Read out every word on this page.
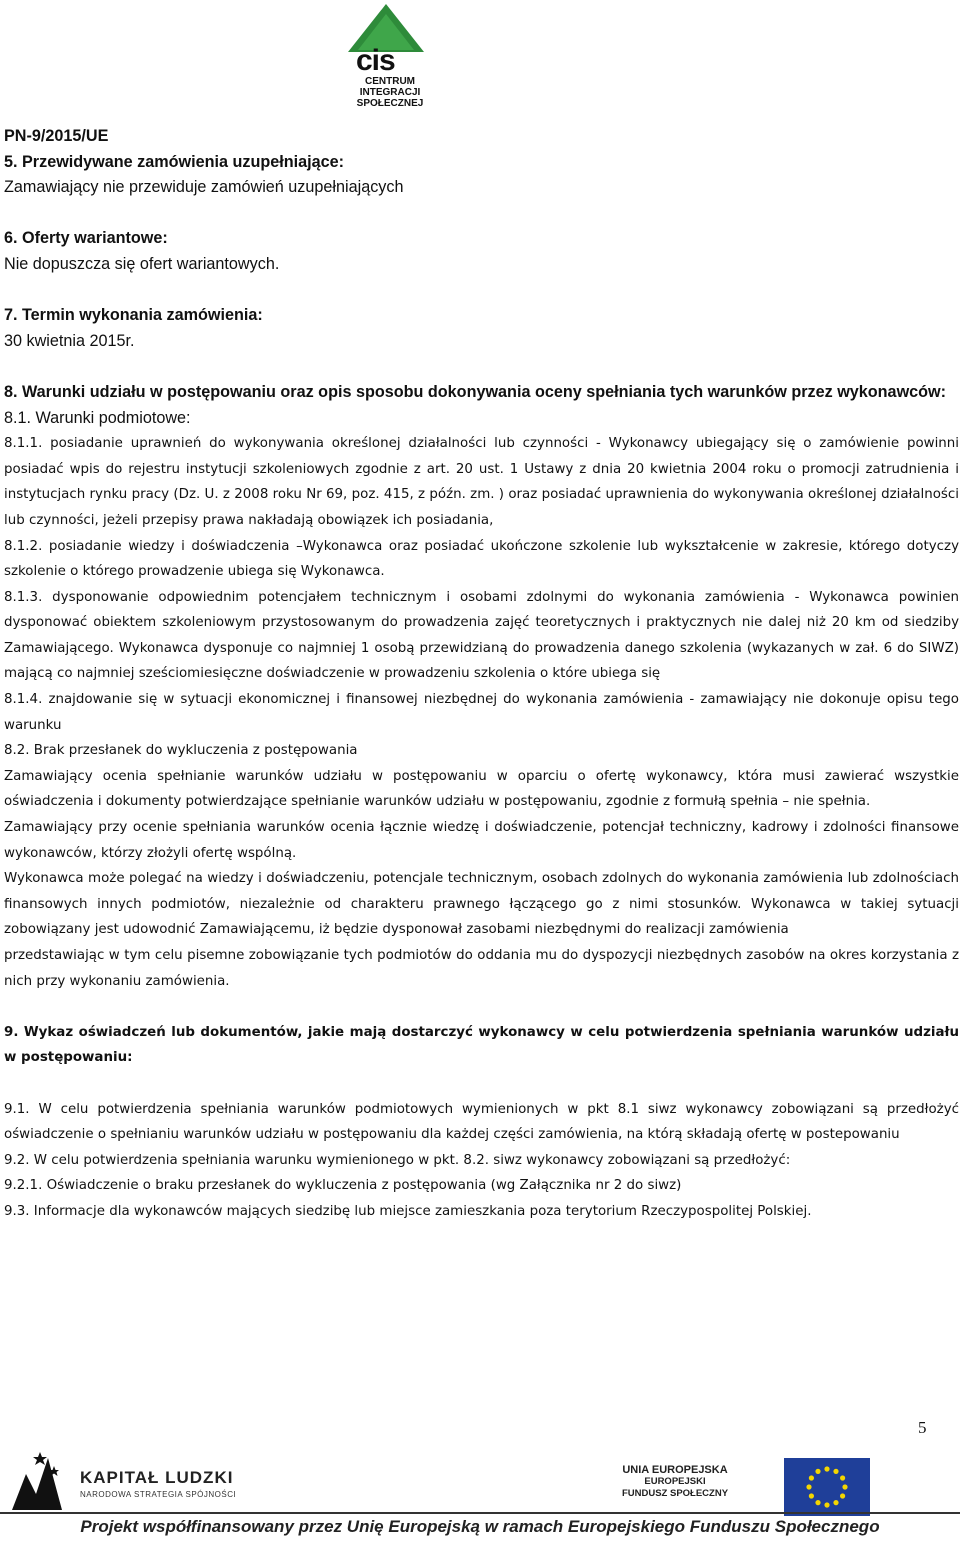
cis
CENTRUM
INTEGRACJI
SPOŁECZNEJ

PN-9/2015/UE

5. Przewidywane zamówienia uzupełniające:

Zamawiający nie przewiduje zamówień uzupełniających

6. Oferty wariantowe:

Nie dopuszcza się ofert wariantowych.

7. Termin wykonania zamówienia:

30 kwietnia 2015r.

8. Warunki udziału w postępowaniu oraz opis sposobu dokonywania oceny spełniania tych warunków przez wykonawców:

8.1. Warunki podmiotowe:

8.1.1. posiadanie uprawnień do wykonywania określonej działalności lub czynności - Wykonawcy ubiegający się o zamówienie powinni posiadać wpis do rejestru instytucji szkoleniowych zgodnie z art. 20 ust. 1 Ustawy z dnia 20 kwietnia 2004 roku o promocji zatrudnienia i instytucjach rynku pracy (Dz. U. z 2008 roku Nr 69, poz. 415, z późn. zm. ) oraz posiadać uprawnienia do wykonywania określonej działalności lub czynności, jeżeli przepisy prawa nakładają obowiązek ich posiadania,

8.1.2. posiadanie wiedzy i doświadczenia –Wykonawca oraz posiadać ukończone szkolenie lub wykształcenie w zakresie, którego dotyczy szkolenie o którego prowadzenie ubiega się Wykonawca.

8.1.3. dysponowanie odpowiednim potencjałem technicznym i osobami zdolnymi do wykonania zamówienia - Wykonawca powinien dysponować obiektem szkoleniowym przystosowanym do prowadzenia zajęć teoretycznych i praktycznych nie dalej niż 20 km od siedziby Zamawiającego. Wykonawca dysponuje co najmniej 1 osobą przewidzianą do prowadzenia danego szkolenia (wykazanych w zał. 6 do SIWZ) mającą co najmniej sześciomiesięczne doświadczenie w prowadzeniu szkolenia o które ubiega się

8.1.4. znajdowanie się w sytuacji ekonomicznej i finansowej niezbędnej do wykonania zamówienia - zamawiający nie dokonuje opisu tego warunku

8.2. Brak przesłanek do wykluczenia z postępowania

Zamawiający ocenia spełnianie warunków udziału w postępowaniu w oparciu o ofertę wykonawcy, która musi zawierać wszystkie oświadczenia i dokumenty potwierdzające spełnianie warunków udziału w postępowaniu, zgodnie z formułą spełnia – nie spełnia.

Zamawiający przy ocenie spełniania warunków ocenia łącznie wiedzę i doświadczenie, potencjał techniczny, kadrowy i zdolności finansowe wykonawców, którzy złożyli ofertę wspólną.

Wykonawca może polegać na wiedzy i doświadczeniu, potencjale technicznym, osobach zdolnych do wykonania zamówienia lub zdolnościach finansowych innych podmiotów, niezależnie od charakteru prawnego łączącego go z nimi stosunków. Wykonawca w takiej sytuacji zobowiązany jest udowodnić Zamawiającemu, iż będzie dysponował zasobami niezbędnymi do realizacji zamówienia

przedstawiając w tym celu pisemne zobowiązanie tych podmiotów do oddania mu do dyspozycji niezbędnych zasobów na okres korzystania z nich przy wykonaniu zamówienia.

9. Wykaz oświadczeń lub dokumentów, jakie mają dostarczyć wykonawcy w celu potwierdzenia spełniania warunków udziału w postępowaniu:

9.1. W celu potwierdzenia spełniania warunków podmiotowych wymienionych w pkt 8.1 siwz wykonawcy zobowiązani są przedłożyć oświadczenie o spełnianiu warunków udziału w postępowaniu dla każdej części zamówienia, na którą składają ofertę w postepowaniu

9.2. W celu potwierdzenia spełniania warunku wymienionego w pkt. 8.2. siwz wykonawcy zobowiązani są przedłożyć:

9.2.1. Oświadczenie o braku przesłanek do wykluczenia z postępowania (wg Załącznika nr 2 do siwz)

9.3. Informacje dla wykonawców mających siedzibę lub miejsce zamieszkania poza terytorium Rzeczypospolitej Polskiej.

5
KAPITAŁ LUDZKI
NARODOWA STRATEGIA SPÓJNOŚCI
UNIA EUROPEJSKA
EUROPEJSKI
FUNDUSZ SPOŁECZNY
Projekt współfinansowany przez Unię Europejską w ramach Europejskiego Funduszu Społecznego
